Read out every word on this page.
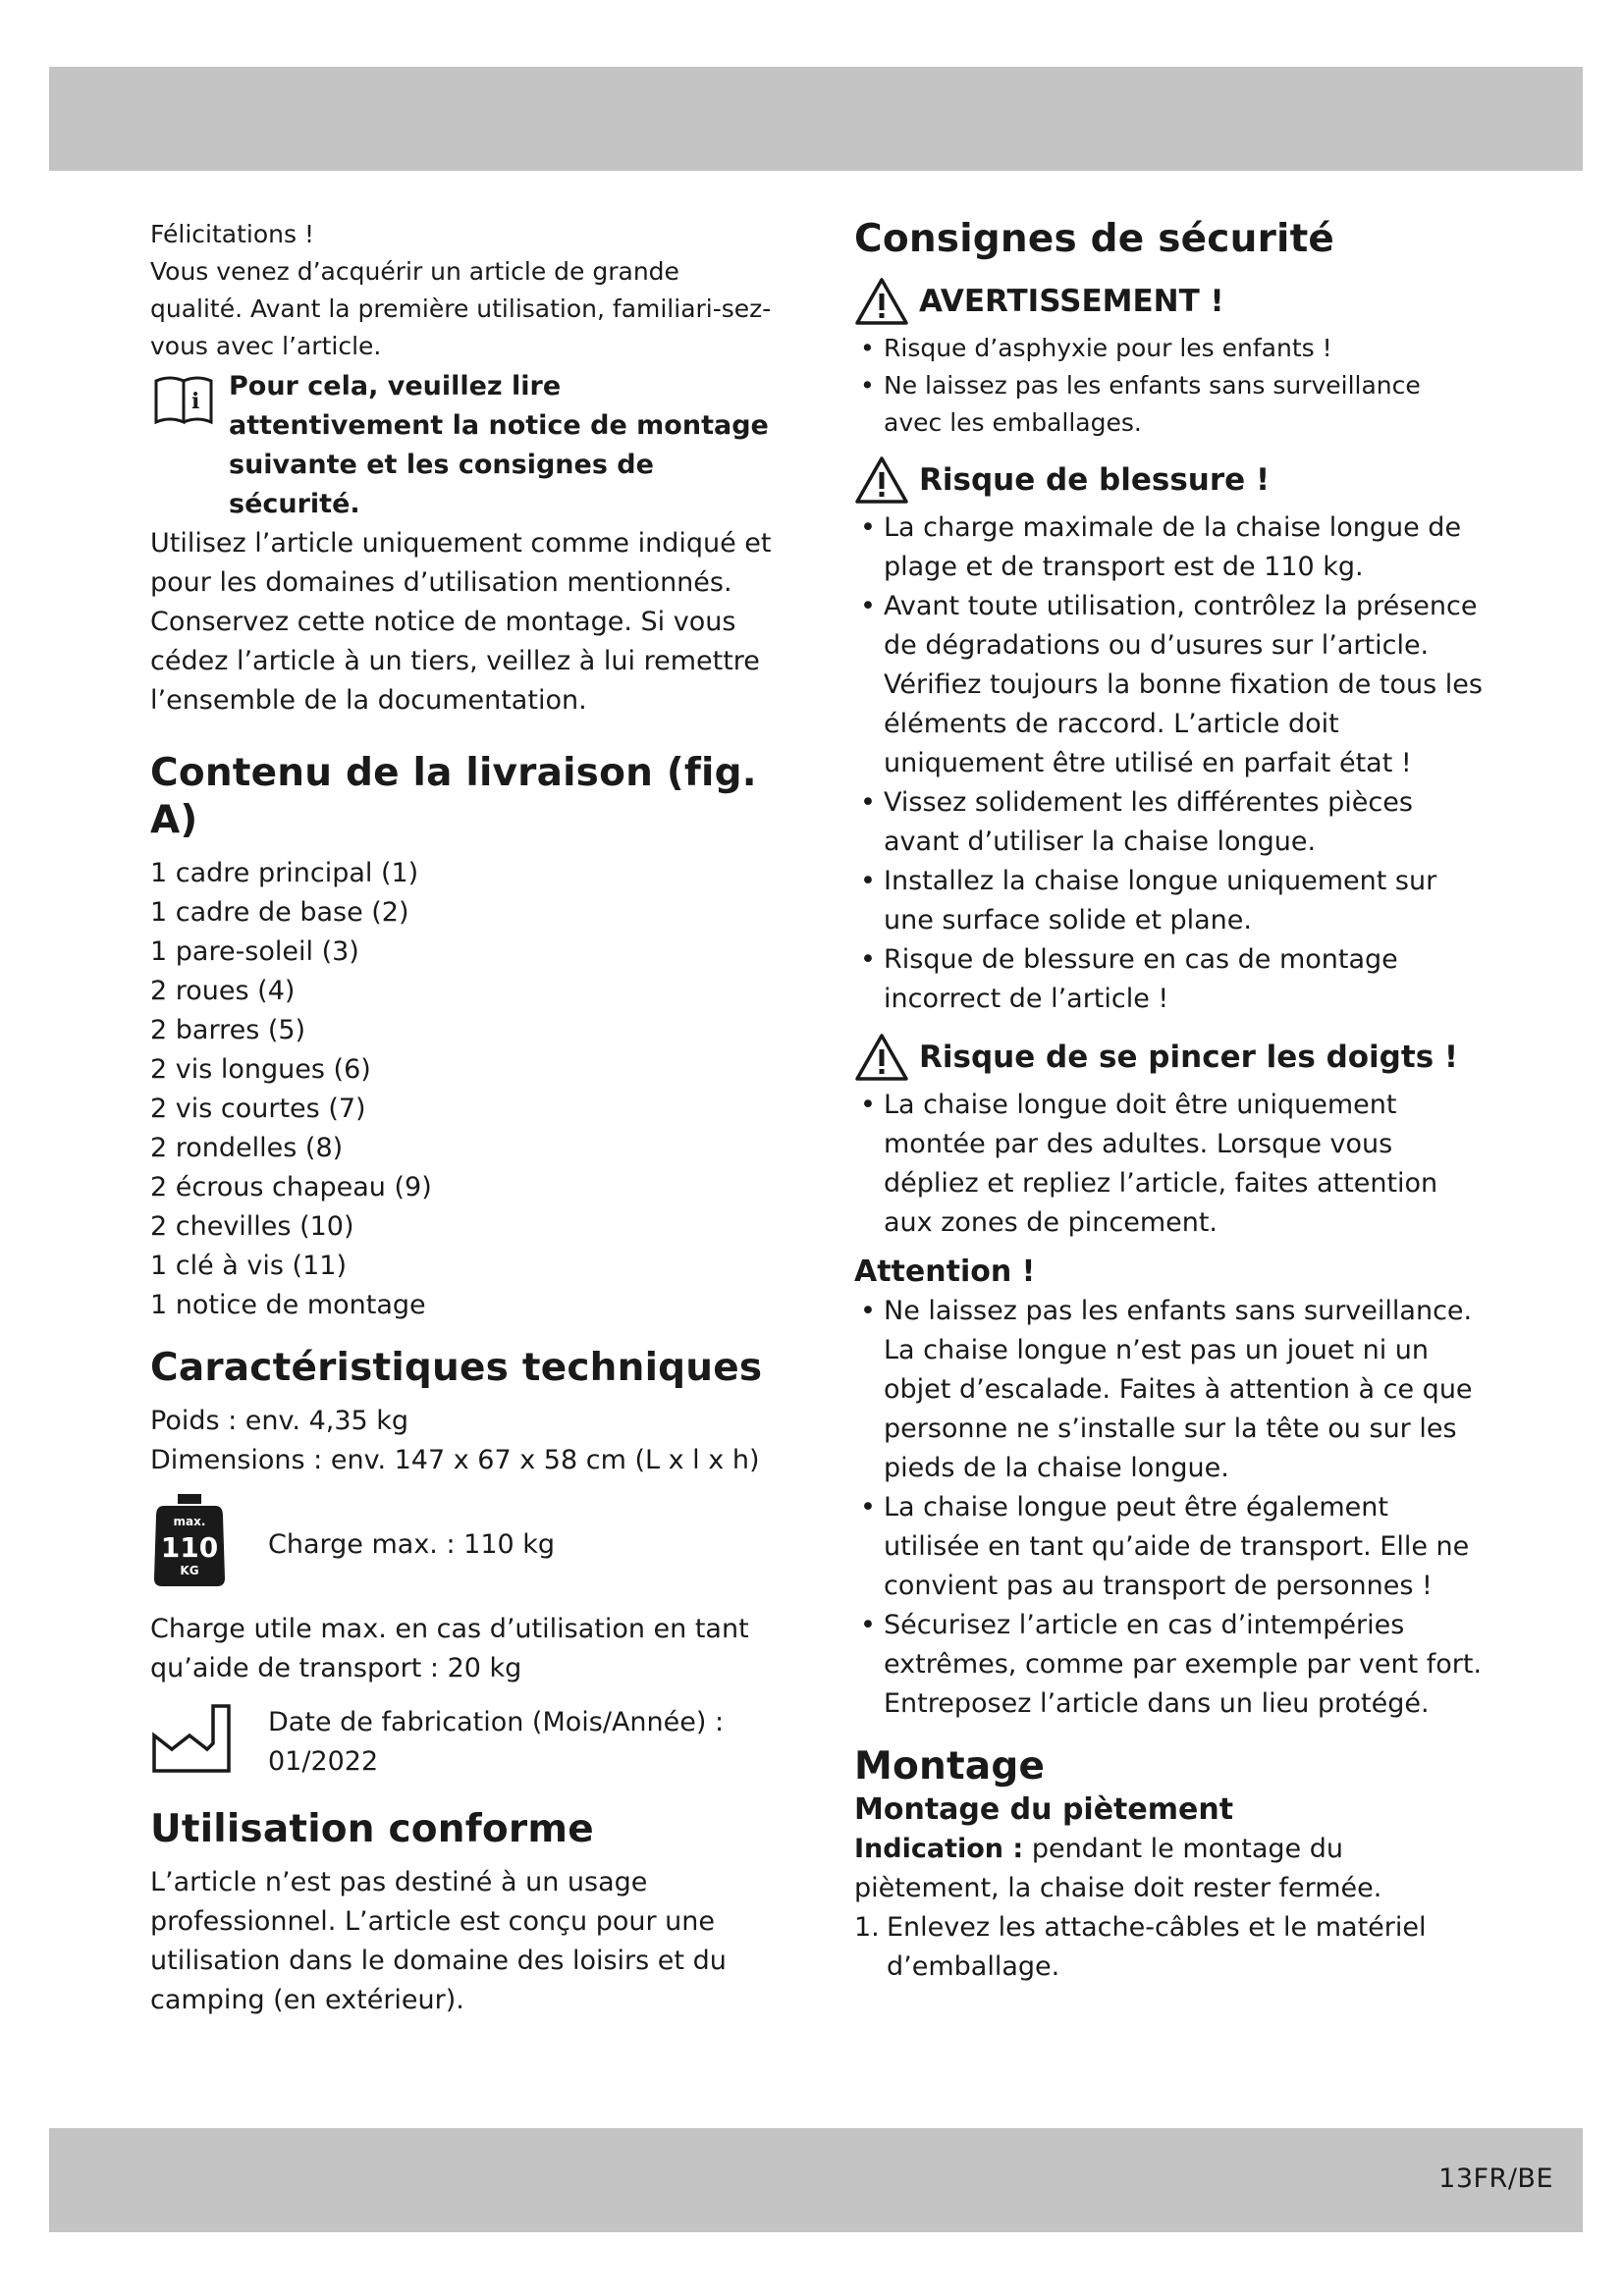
Félicitations !

Vous venez d’acquérir un article de grande qualité. Avant la première utilisation, familiari-sez-vous avec l’article.

i Pour cela, veuillez lire attentivement la notice de montage suivante et les consignes de sécurité.

Utilisez l’article uniquement comme indiqué et pour les domaines d’utilisation mentionnés. Conservez cette notice de montage. Si vous cédez l’article à un tiers, veillez à lui remettre l’ensemble de la documentation.

Contenu de la livraison (fig. A)
1 cadre principal (1)
1 cadre de base (2)
1 pare-soleil (3)
2 roues (4)
2 barres (5)
2 vis longues (6)
2 vis courtes (7)
2 rondelles (8)
2 écrous chapeau (9)
2 chevilles (10)
1 clé à vis (11)
1 notice de montage
Caractéristiques techniques

Poids : env. 4,35 kg

Dimensions : env. 147 x 67 x 58 cm (L x l x h)

max.
110
KG
Charge max. : 110 kg

Charge utile max. en cas d’utilisation en tant qu’aide de transport : 20 kg

Date de fabrication (Mois/Année) : 01/2022
Utilisation conforme

L’article n’est pas destiné à un usage professionnel. L’article est conçu pour une utilisation dans le domaine des loisirs et du camping (en extérieur).

Consignes de sécurité
AVERTISSEMENT !
• Risque d’asphyxie pour les enfants !
• Ne laissez pas les enfants sans surveillance avec les emballages.
Risque de blessure !
• La charge maximale de la chaise longue de plage et de transport est de 110 kg.
• Avant toute utilisation, contrôlez la présence de dégradations ou d’usures sur l’article. Vérifiez toujours la bonne fixation de tous les éléments de raccord. L’article doit uniquement être utilisé en parfait état !
• Vissez solidement les différentes pièces avant d’utiliser la chaise longue.
• Installez la chaise longue uniquement sur une surface solide et plane.
• Risque de blessure en cas de montage incorrect de l’article !
Risque de se pincer les doigts !
• La chaise longue doit être uniquement montée par des adultes. Lorsque vous dépliez et repliez l’article, faites attention aux zones de pincement.
Attention !
• Ne laissez pas les enfants sans surveillance. La chaise longue n’est pas un jouet ni un objet d’escalade. Faites à attention à ce que personne ne s’installe sur la tête ou sur les pieds de la chaise longue.
• La chaise longue peut être également utilisée en tant qu’aide de transport. Elle ne convient pas au transport de personnes !
• Sécurisez l’article en cas d’intempéries extrêmes, comme par exemple par vent fort. Entreposez l’article dans un lieu protégé.
Montage
Montage du piètement

Indication : pendant le montage du piètement, la chaise doit rester fermée.

1. Enlevez les attache-câbles et le matériel d’emballage.
13FR/BE
